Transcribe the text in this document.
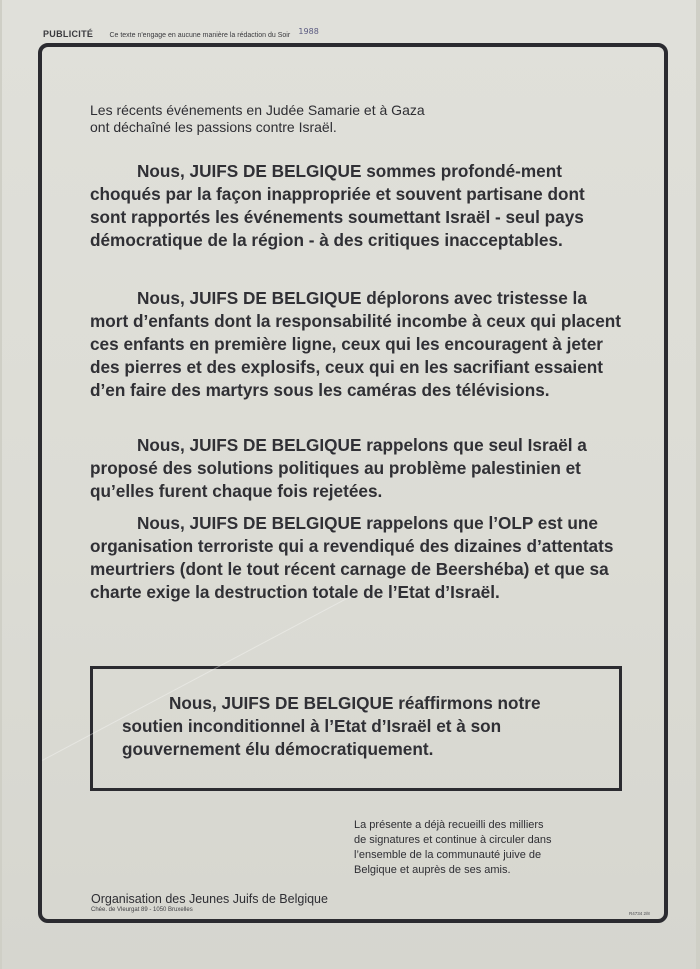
PUBLICITÉ Ce texte n'engage en aucune manière la rédaction du Soir 1988
Les récents événements en Judée Samarie et à Gaza
ont déchaîné les passions contre Israël.
Nous, JUIFS DE BELGIQUE sommes profondé-ment choqués par la façon inappropriée et souvent partisane dont sont rapportés les événements soumettant Israël - seul pays démocratique de la région - à des critiques inacceptables.
Nous, JUIFS DE BELGIQUE déplorons avec tristesse la mort d’enfants dont la responsabilité incombe à ceux qui placent ces enfants en première ligne, ceux qui les encouragent à jeter des pierres et des explosifs, ceux qui en les sacrifiant essaient d’en faire des martyrs sous les caméras des télévisions.
Nous, JUIFS DE BELGIQUE rappelons que seul Israël a proposé des solutions politiques au problème palestinien et qu’elles furent chaque fois rejetées.
Nous, JUIFS DE BELGIQUE rappelons que l’OLP est une organisation terroriste qui a revendiqué des dizaines d’attentats meurtriers (dont le tout récent carnage de Beershéba) et que sa charte exige la destruction totale de l’Etat d’Israël.
Nous, JUIFS DE BELGIQUE réaffirmons notre soutien inconditionnel à l’Etat d’Israël et à son gouvernement élu démocratiquement.
La présente a déjà recueilli des milliers
de signatures et continue à circuler dans
l’ensemble de la communauté juive de
Belgique et auprès de ses amis.
Organisation des Jeunes Juifs de Belgique
Chée. de Vleurgat 89 - 1050 Bruxelles
R4734 2/8
